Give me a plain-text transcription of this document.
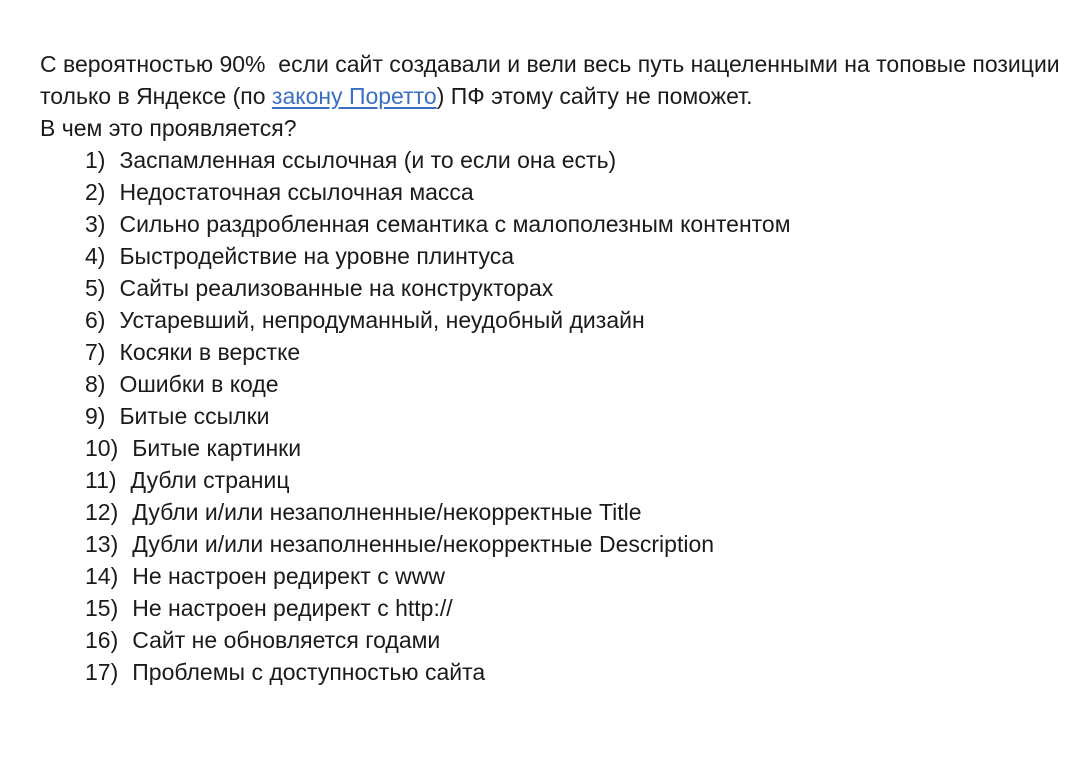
С вероятностью 90%  если сайт создавали и вели весь путь нацеленными на топовые позиции только в Яндексе (по закону Поретто) ПФ этому сайту не поможет.
В чем это проявляется?
1) Заспамленная ссылочная (и то если она есть)
2) Недостаточная ссылочная масса
3) Сильно раздробленная семантика с малополезным контентом
4) Быстродействие на уровне плинтуса
5) Сайты реализованные на конструкторах
6) Устаревший, непродуманный, неудобный дизайн
7) Косяки в верстке
8) Ошибки в коде
9) Битые ссылки
10) Битые картинки
11) Дубли страниц
12) Дубли и/или незаполненные/некорректные Title
13) Дубли и/или незаполненные/некорректные Description
14) Не настроен редирект с www
15) Не настроен редирект с http://
16) Сайт не обновляется годами
17) Проблемы с доступностью сайта
